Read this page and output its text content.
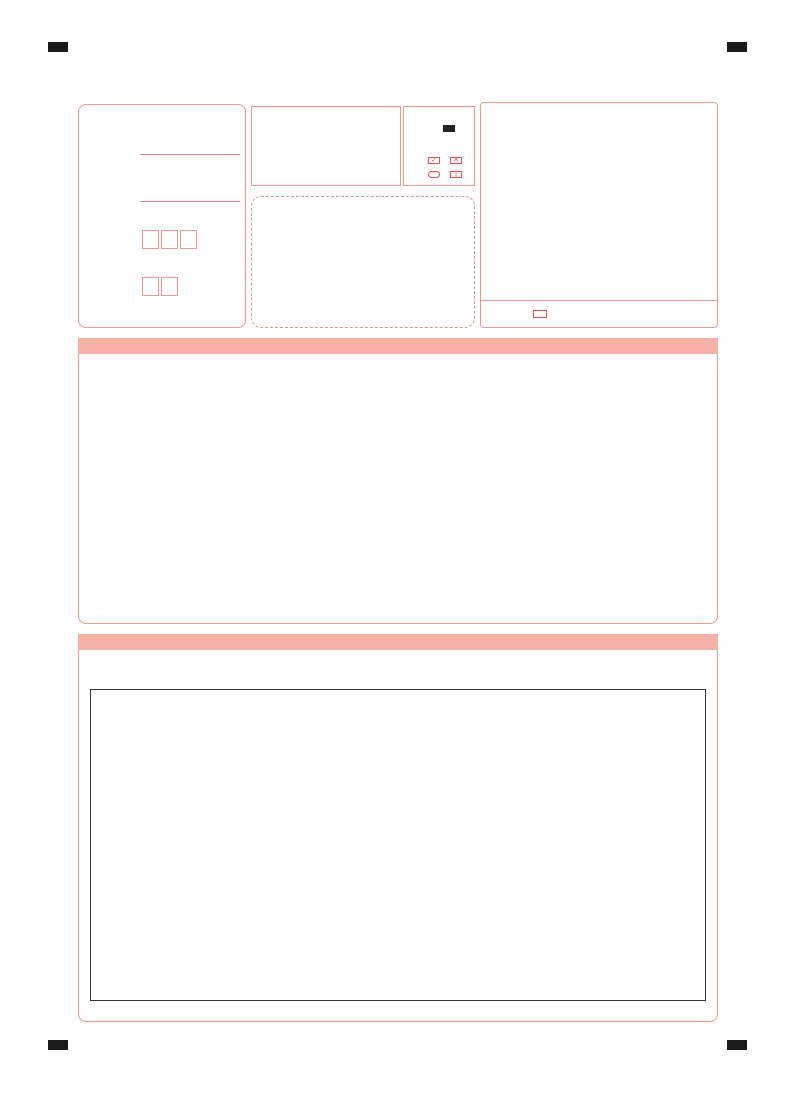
✓	✕
|
